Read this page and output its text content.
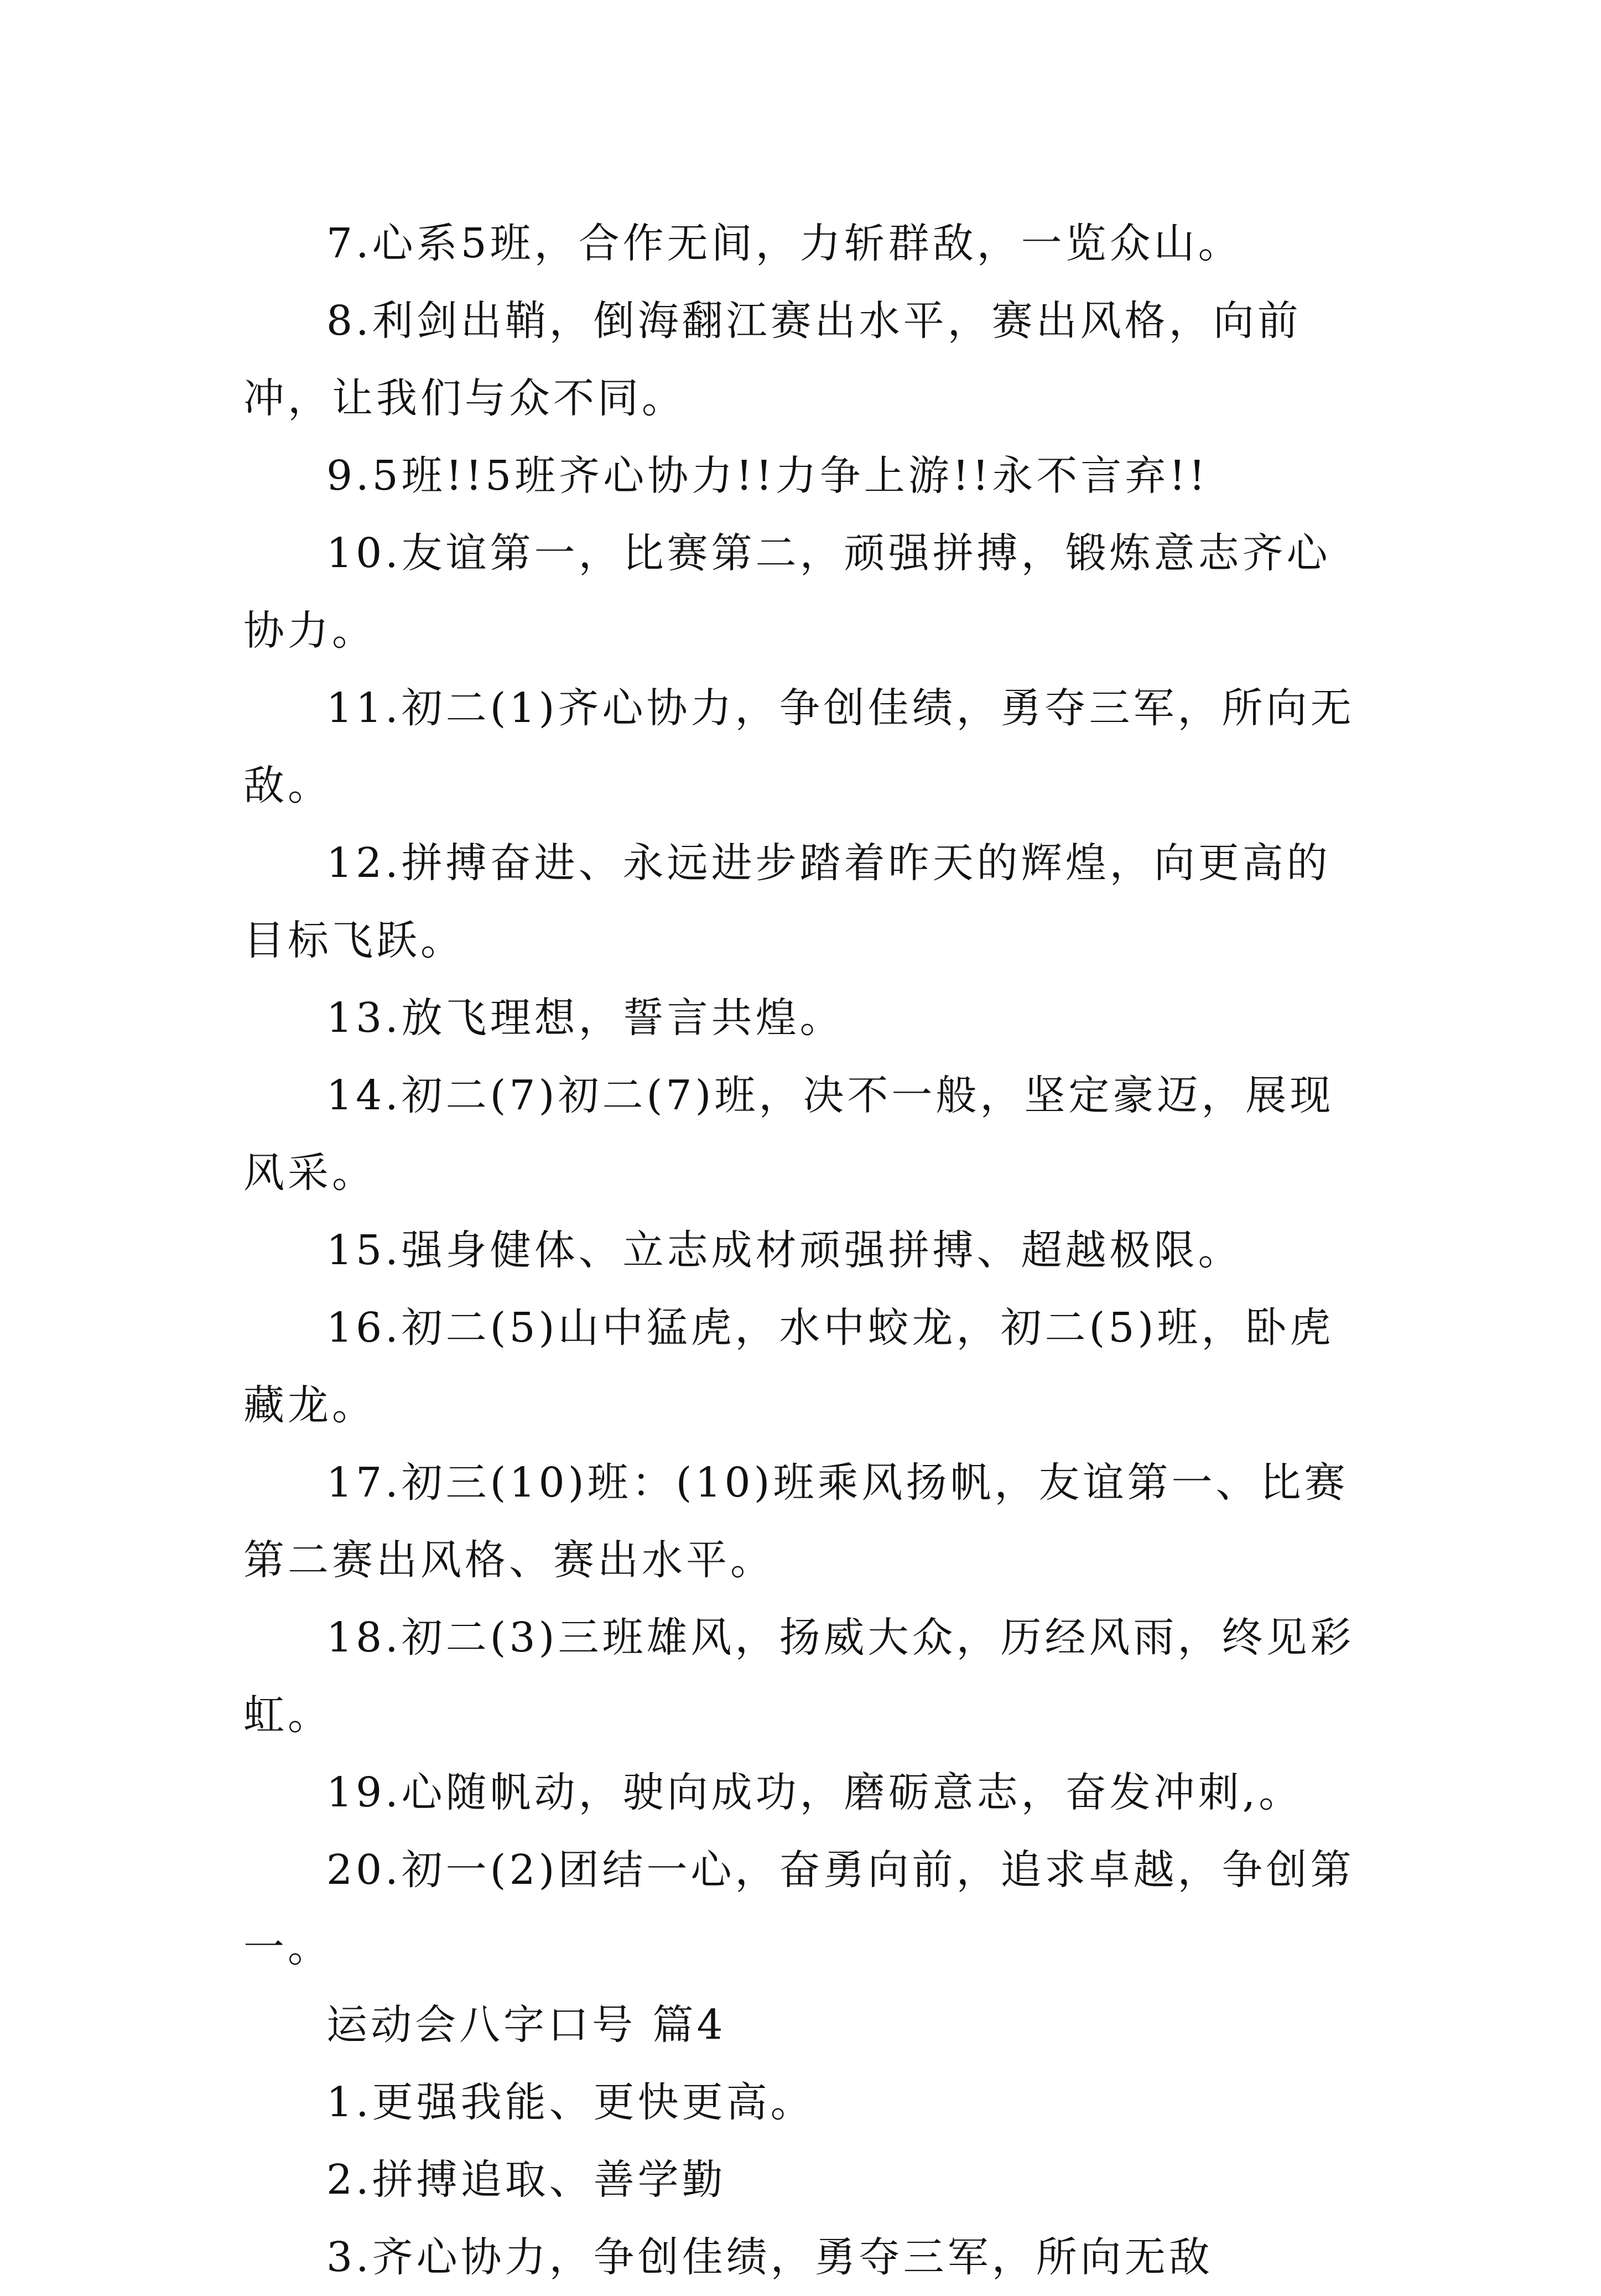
7.心系5班，合作无间，力斩群敌，一览众山。

8.利剑出鞘，倒海翻江赛出水平，赛出风格，向前冲，让我们与众不同。

9.5班!!5班齐心协力!!力争上游!!永不言弃!!

10.友谊第一，比赛第二，顽强拼搏，锻炼意志齐心协力。

11.初二(1)齐心协力，争创佳绩，勇夺三军，所向无敌。

12.拼搏奋进、永远进步踏着昨天的辉煌，向更高的目标飞跃。

13.放飞理想，誓言共煌。

14.初二(7)初二(7)班，决不一般，坚定豪迈，展现风采。

15.强身健体、立志成材顽强拼搏、超越极限。

16.初二(5)山中猛虎，水中蛟龙，初二(5)班，卧虎藏龙。

17.初三(10)班：(10)班乘风扬帆，友谊第一、比赛第二赛出风格、赛出水平。

18.初二(3)三班雄风，扬威大众，历经风雨，终见彩虹。

19.心随帆动，驶向成功，磨砺意志，奋发冲刺,。

20.初一(2)团结一心，奋勇向前，追求卓越，争创第一。

运动会八字口号 篇4

1.更强我能、更快更高。

2.拼搏追取、善学勤

3.齐心协力，争创佳绩，勇夺三军，所向无敌
